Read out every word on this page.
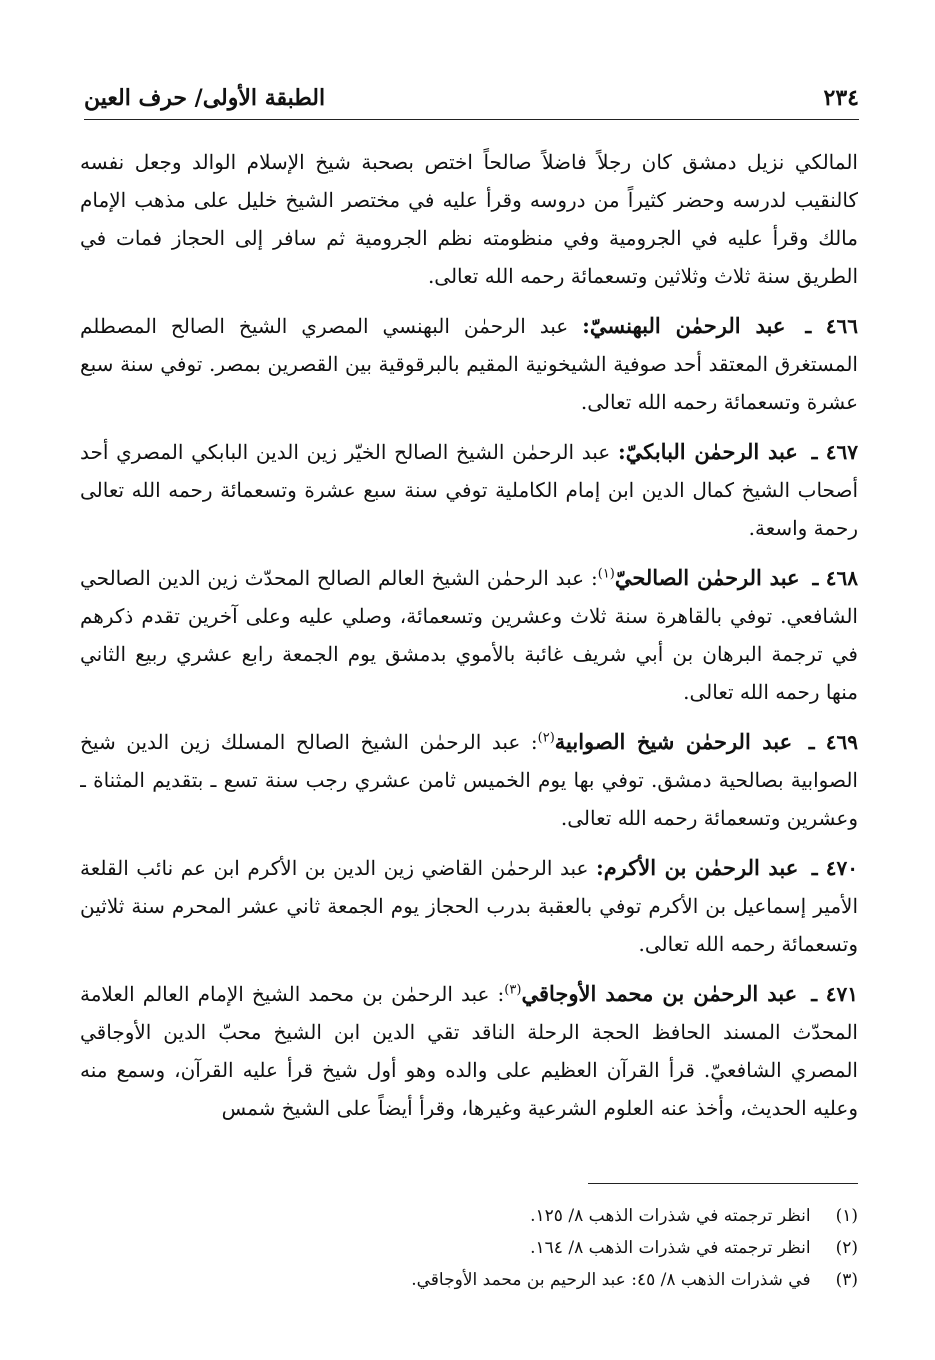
٢٣٤
الطبقة الأولى/ حرف العين

المالكي نزيل دمشق كان رجلاً فاضلاً صالحاً اختص بصحبة شيخ الإسلام الوالد وجعل نفسه كالنقيب لدرسه وحضر كثيراً من دروسه وقرأ عليه في مختصر الشيخ خليل على مذهب الإمام مالك وقرأ عليه في الجرومية وفي منظومته نظم الجرومية ثم سافر إلى الحجاز فمات في الطريق سنة ثلاث وثلاثين وتسعمائة رحمه الله تعالى.

٤٦٦ ـ عبد الرحمٰن البهنسيّ: عبد الرحمٰن البهنسي المصري الشيخ الصالح المصطلم المستغرق المعتقد أحد صوفية الشيخونية المقيم بالبرقوقية بين القصرين بمصر. توفي سنة سبع عشرة وتسعمائة رحمه الله تعالى.

٤٦٧ ـ عبد الرحمٰن البابكيّ: عبد الرحمٰن الشيخ الصالح الخيّر زين الدين البابكي المصري أحد أصحاب الشيخ كمال الدين ابن إمام الكاملية توفي سنة سبع عشرة وتسعمائة رحمه الله تعالى رحمة واسعة.

٤٦٨ ـ عبد الرحمٰن الصالحيّ$^{(١)}$: عبد الرحمٰن الشيخ العالم الصالح المحدّث زين الدين الصالحي الشافعي. توفي بالقاهرة سنة ثلاث وعشرين وتسعمائة، وصلي عليه وعلى آخرين تقدم ذكرهم في ترجمة البرهان بن أبي شريف غائبة بالأموي بدمشق يوم الجمعة رابع عشري ربيع الثاني منها رحمه الله تعالى.

٤٦٩ ـ عبد الرحمٰن شيخ الصوابية$^{(٢)}$: عبد الرحمٰن الشيخ الصالح المسلك زين الدين شيخ الصوابية بصالحية دمشق. توفي بها يوم الخميس ثامن عشري رجب سنة تسع ـ بتقديم المثناة ـ وعشرين وتسعمائة رحمه الله تعالى.

٤٧٠ ـ عبد الرحمٰن بن الأكرم: عبد الرحمٰن القاضي زين الدين بن الأكرم ابن عم نائب القلعة الأمير إسماعيل بن الأكرم توفي بالعقبة بدرب الحجاز يوم الجمعة ثاني عشر المحرم سنة ثلاثين وتسعمائة رحمه الله تعالى.

٤٧١ ـ عبد الرحمٰن بن محمد الأوجاقي$^{(٣)}$: عبد الرحمٰن بن محمد الشيخ الإمام العالم العلامة المحدّث المسند الحافظ الحجة الرحلة الناقد تقي الدين ابن الشيخ محبّ الدين الأوجاقي المصري الشافعيّ. قرأ القرآن العظيم على والده وهو أول شيخ قرأ عليه القرآن، وسمع منه وعليه الحديث، وأخذ عنه العلوم الشرعية وغيرها، وقرأ أيضاً على الشيخ شمس

(١) انظر ترجمته في شذرات الذهب ٨/ ١٢٥.

(٢) انظر ترجمته في شذرات الذهب ٨/ ١٦٤.

(٣) في شذرات الذهب ٨/ ٤٥: عبد الرحيم بن محمد الأوجاقي.
